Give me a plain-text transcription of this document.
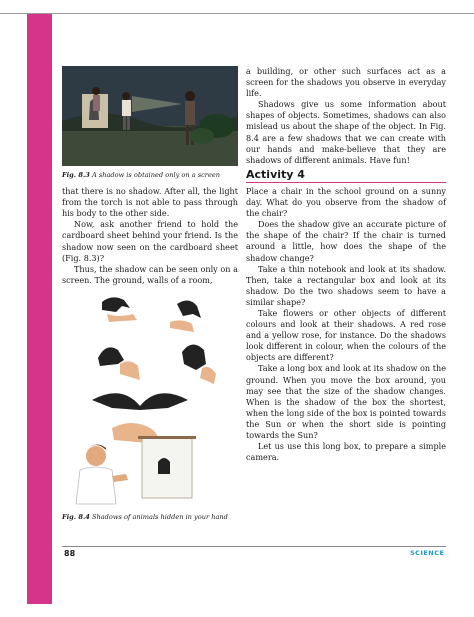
Fig. 8.3 A shadow is obtained only on a screen

that there is no shadow. After all, the light from the torch is not able to pass through his body to the other side.

Now, ask another friend to hold the cardboard sheet behind your friend. Is the shadow now seen on the cardboard sheet (Fig. 8.3)?

Thus, the shadow can be seen only on a screen. The ground, walls of a room,

Fig. 8.4 Shadows of animals hidden in your hand

a building, or other such surfaces act as a screen for the shadows you observe in everyday life.

Shadows give us some information about shapes of objects. Sometimes, shadows can also mislead us about the shape of the object. In Fig. 8.4 are a few shadows that we can create with our hands and make-believe that they are shadows of different animals. Have fun!

Activity 4

Place a chair in the school ground on a sunny day. What do you observe from the shadow of the chair?

Does the shadow give an accurate picture of the shape of the chair? If the chair is turned around a little, how does the shape of the shadow change?

Take a thin notebook and look at its shadow. Then, take a rectangular box and look at its shadow. Do the two shadows seem to have a similar shape?

Take flowers or other objects of different colours and look at their shadows. A red rose and a yellow rose, for instance. Do the shadows look different in colour, when the colours of the objects are different?

Take a long box and look at its shadow on the ground. When you move the box around, you may see that the size of the shadow changes. When is the shadow of the box the shortest, when the long side of the box is pointed towards the Sun or when the short side is pointing towards the Sun?

Let us use this long box, to prepare a simple camera.

88	SCIENCE
